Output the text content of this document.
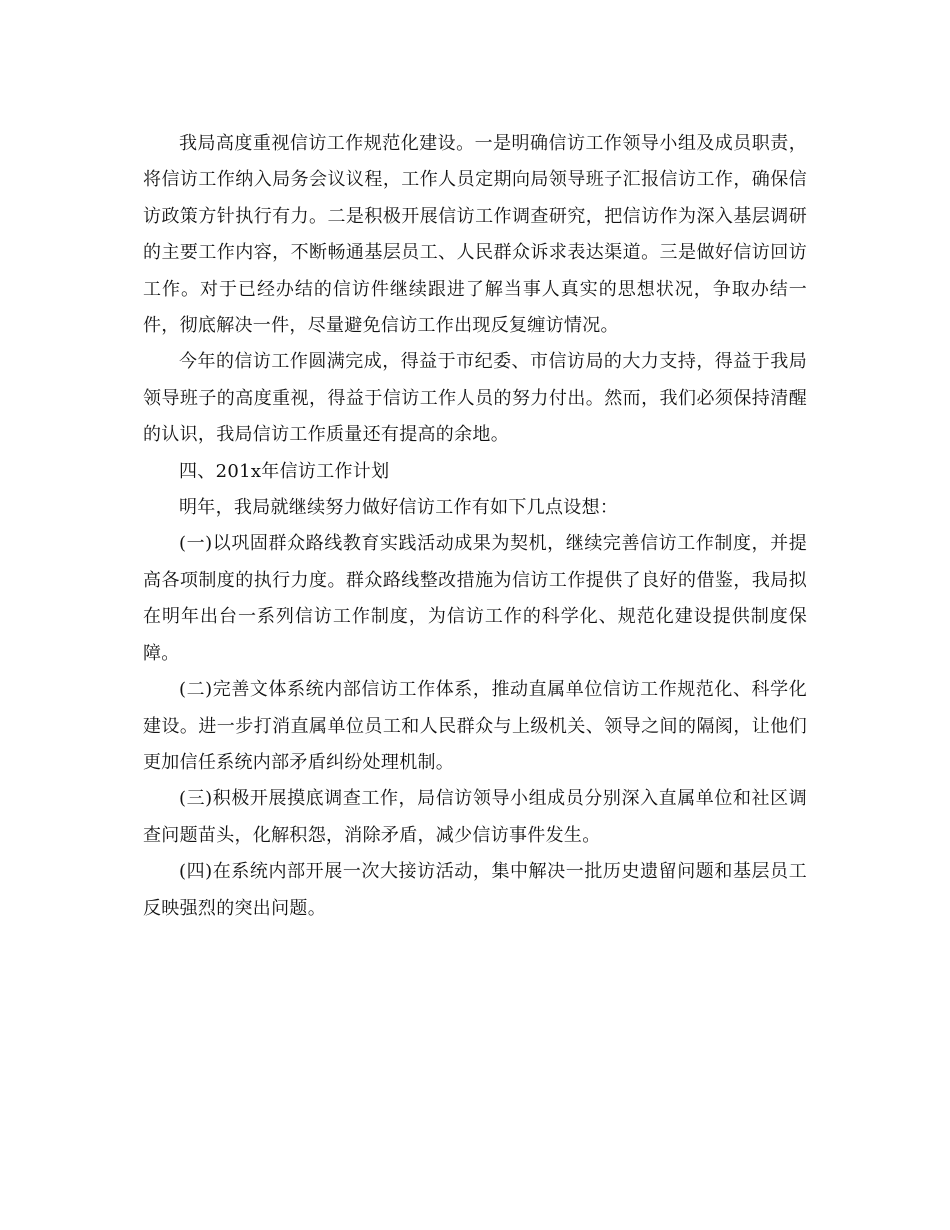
我局高度重视信访工作规范化建设。一是明确信访工作领导小组及成员职责，将信访工作纳入局务会议议程，工作人员定期向局领导班子汇报信访工作，确保信访政策方针执行有力。二是积极开展信访工作调查研究，把信访作为深入基层调研的主要工作内容，不断畅通基层员工、人民群众诉求表达渠道。三是做好信访回访工作。对于已经办结的信访件继续跟进了解当事人真实的思想状况，争取办结一件，彻底解决一件，尽量避免信访工作出现反复缠访情况。

今年的信访工作圆满完成，得益于市纪委、市信访局的大力支持，得益于我局领导班子的高度重视，得益于信访工作人员的努力付出。然而，我们必须保持清醒的认识，我局信访工作质量还有提高的余地。

四、201x年信访工作计划

明年，我局就继续努力做好信访工作有如下几点设想：

(一)以巩固群众路线教育实践活动成果为契机，继续完善信访工作制度，并提高各项制度的执行力度。群众路线整改措施为信访工作提供了良好的借鉴，我局拟在明年出台一系列信访工作制度，为信访工作的科学化、规范化建设提供制度保障。

(二)完善文体系统内部信访工作体系，推动直属单位信访工作规范化、科学化建设。进一步打消直属单位员工和人民群众与上级机关、领导之间的隔阂，让他们更加信任系统内部矛盾纠纷处理机制。

(三)积极开展摸底调查工作，局信访领导小组成员分别深入直属单位和社区调查问题苗头，化解积怨，消除矛盾，减少信访事件发生。

(四)在系统内部开展一次大接访活动，集中解决一批历史遗留问题和基层员工反映强烈的突出问题。
